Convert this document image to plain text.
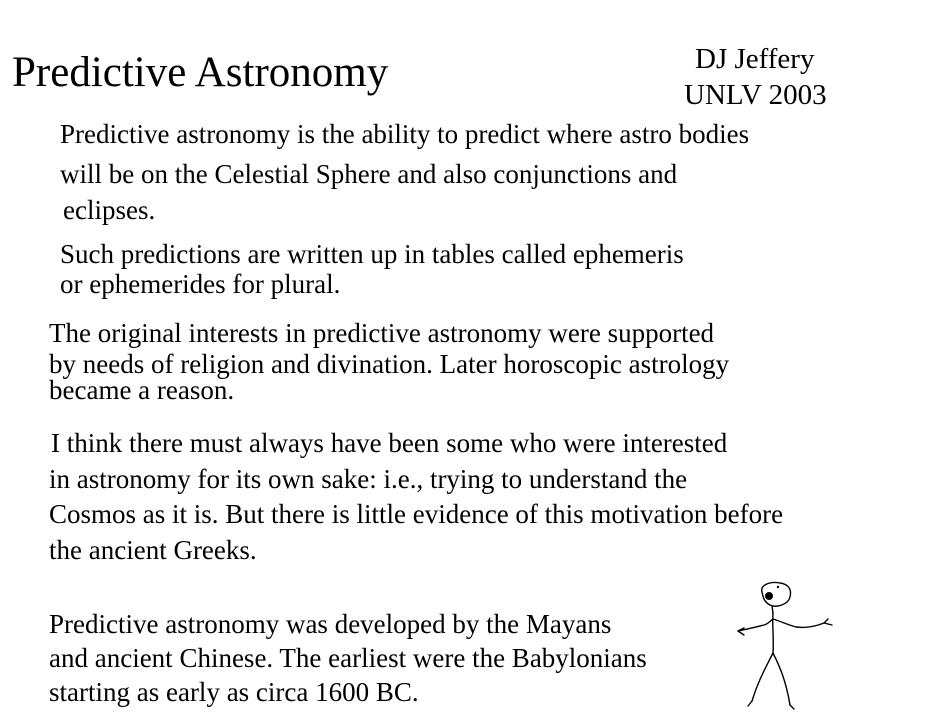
Predictive Astronomy	DJ Jeffery
UNLV 2003
Predictive astronomy is the ability to predict where astro bodies
will be on the Celestial Sphere and also conjunctions and
eclipses.
Such predictions are written up in tables called ephemeris
or ephemerides for plural.
The original interests in predictive astronomy were supported
by needs of religion and divination. Later horoscopic astrology
became a reason.
I think there must always have been some who were interested
in astronomy for its own sake: i.e., trying to understand the
Cosmos as it is. But there is little evidence of this motivation before
the ancient Greeks.
Predictive astronomy was developed by the Mayans
and ancient Chinese. The earliest were the Babylonians
starting as early as circa 1600 BC.
